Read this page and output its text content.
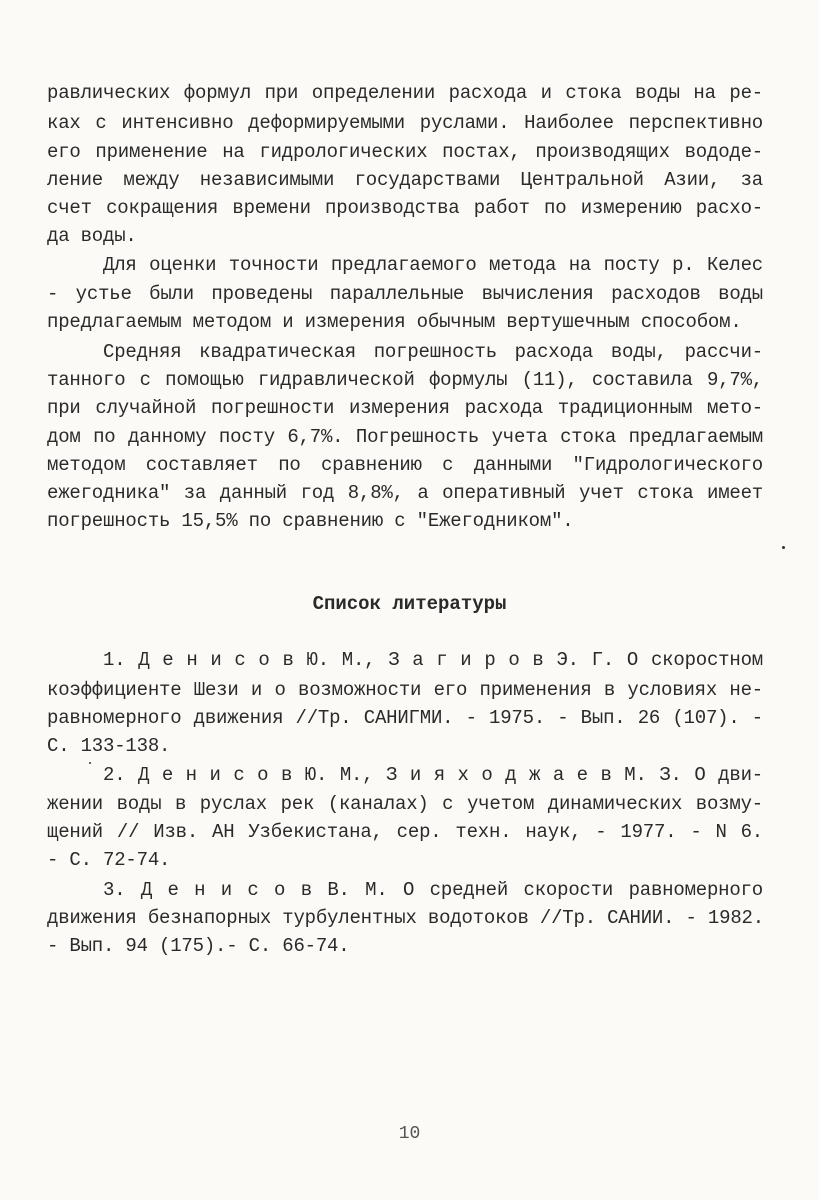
равлических формул при определении расхода и стока воды на ре-
ках с интенсивно деформируемыми руслами. Наиболее перспективно
его применение на гидрологических постах, производящих вододе-
ление между независимыми государствами Центральной Азии, за
счет сокращения времени производства работ по измерению расхо-
да воды.
Для оценки точности предлагаемого метода на посту р. Келес
- устье были проведены параллельные вычисления расходов воды
предлагаемым методом и измерения обычным вертушечным способом.
Средняя квадратическая погрешность расхода воды, рассчи-
танного с помощью гидравлической формулы (11), составила 9,7%,
при случайной погрешности измерения расхода традиционным мето-
дом по данному посту 6,7%. Погрешность учета стока предлагаемым
методом составляет по сравнению с данными "Гидрологического
ежегодника" за данный год 8,8%, а оперативный учет стока имеет
погрешность 15,5% по сравнению с "Ежегодником".
Список литературы
1. Д е н и с о в Ю. М., З а г и р о в Э. Г. О скоростном
коэффициенте Шези и о возможности его применения в условиях не-
равномерного движения //Тр. САНИГМИ. - 1975. - Вып. 26 (107). -
С. 133-138.
2. Д е н и с о в Ю. М., З и я х о д ж а е в М. З. О дви-
жении воды в руслах рек (каналах) с учетом динамических возму-
щений // Изв. АН Узбекистана, сер. техн. наук, - 1977. - N 6.
- С. 72-74.
3. Д е н и с о в В. М. О средней скорости равномерного
движения безнапорных турбулентных водотоков //Тр. САНИИ. - 1982.
- Вып. 94 (175).- С. 66-74.
10
